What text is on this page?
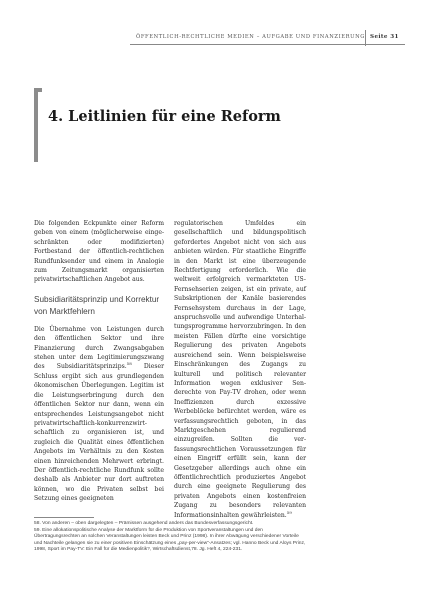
ÖFFENTLICH-RECHTLICHE MEDIEN – AUFGABE UND FINANZIERUNG Seite 31
4. Leitlinien für eine Reform

Die folgenden Eckpunkte einer Reform geben von einem (möglicherweise eingeschränkten oder modifizierten) Fortbestand der öffentlich-rechtlichen Rundfunksender und einem in Analogie zum Zeitungsmarkt organisierten privatwirtschaftlichen Angebot aus.

Subsidiaritätsprinzip und Korrektur von Marktfehlern

Die Übernahme von Leistungen durch den öffentlichen Sektor und ihre Finanzierung durch Zwangsabgaben stehen unter dem Legitimierungszwang des Subsidiaritätsprinzips.$^{58}$ Dieser Schluss ergibt sich aus grundlegenden ökonomischen Überlegungen. Legitim ist die Leistungserbringung durch den öffentlichen Sektor nur dann, wenn ein entsprechendes Leistungsangebot nicht privatwirtschaftlich-konkurrenzwirtschaftlich zu organisieren ist, und zugleich die Qualität eines öffentlichen Angebots im Verhältnis zu den Kosten einen hinreichenden Mehrwert erbringt. Der öffentlich-rechtliche Rundfunk sollte deshalb als Anbieter nur dort auftreten können, wo die Privaten selbst bei Setzung eines geeigneten

regulatorischen Umfeldes ein gesellschaftlich und bildungspolitisch gefordertes Angebot nicht von sich aus anbieten würden. Für staatliche Eingriffe in den Markt ist eine überzeugende Rechtfertigung erforderlich. Wie die weltweit erfolgreich vermarkteten US-Fernsehserien zeigen, ist ein private, auf Subskriptionen der Kanäle basierendes Fernsehsystem durchaus in der Lage, anspruchsvolle und aufwendige Unterhaltungsprogramme hervorzubringen. In den meisten Fällen dürfte eine vorsichtige Regulierung des privaten Angebots ausreichend sein. Wenn beispielsweise Einschränkungen des Zugangs zu kulturell und politisch relevanter Information wegen exklusiver Senderechte von Pay-TV drohen, oder wenn Ineffizienzen durch exzessive Werbeblöcke befürchtet werden, wäre es verfassungsrechtlich geboten, in das Marktgeschehen regulierend einzugreifen. Sollten die verfassungsrechtlichen Voraussetzungen für einen Eingriff erfüllt sein, kann der Gesetzgeber allerdings auch ohne ein öffentlichrechtlich produziertes Angebot durch eine geeignete Regulierung des privaten Angebots einen kostenfreien Zugang zu besonders relevanten Informationsinhalten gewährleisten.$^{59}$

58. Von anderen – oben dargelegten – Prämissen ausgehend anders das Bundesverfassungsgericht.

59. Eine allokationspolitische Analyse der Marktform für die Produktion von Sportveranstaltungen und den Übertragungsrechten an solchen Veranstaltungen leisten Beck und Prinz (1998). In ihrer Abwägung verschiedener Vorteile und Nachteile gelangen sie zu einer positiven Einschätzung eines „pay-per-view“-Ansatzes; vgl. Hanno Beck und Aloys Prinz, 1998, Sport im Pay-TV: Ein Fall für die Medienpolitik?, Wirtschaftsdienst,78. Jg. Heft 4, 224-231.
